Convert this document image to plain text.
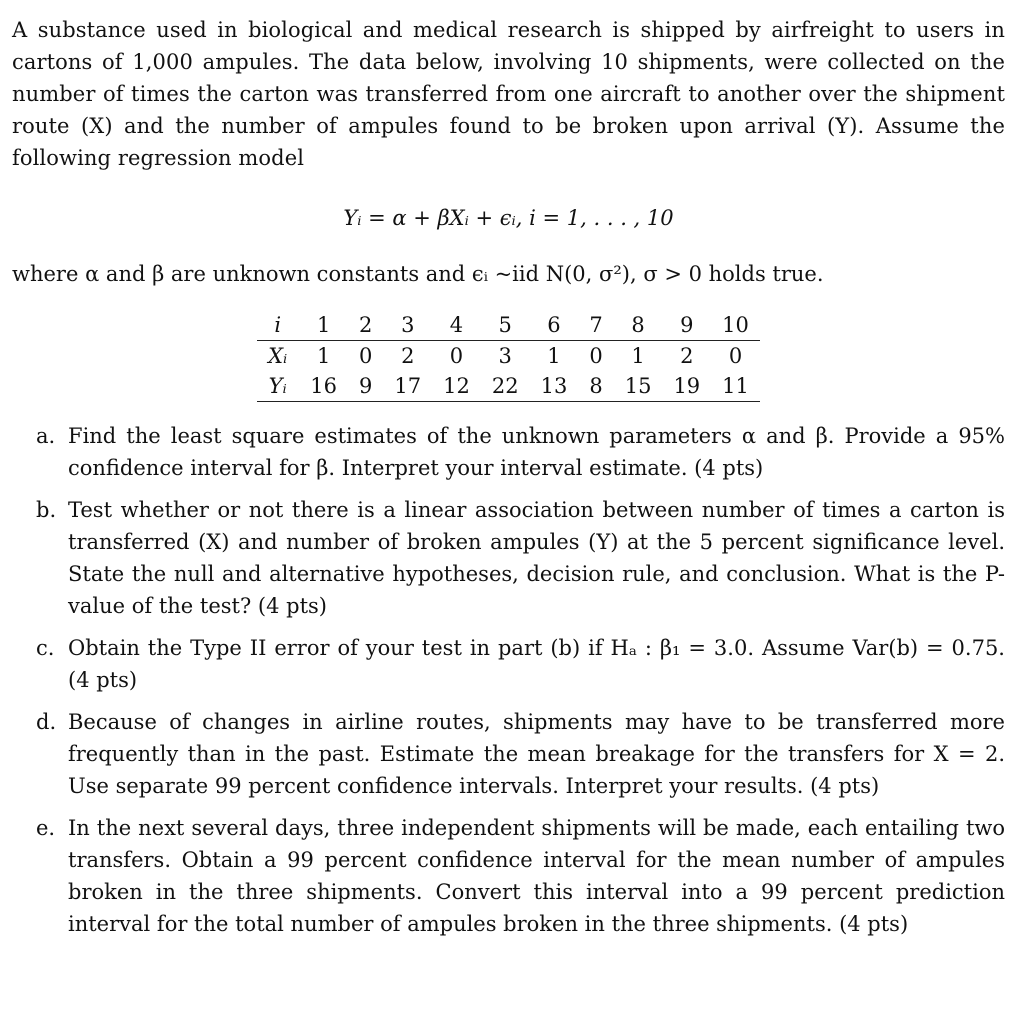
A substance used in biological and medical research is shipped by airfreight to users in cartons of 1,000 ampules. The data below, involving 10 shipments, were collected on the number of times the carton was transferred from one aircraft to another over the shipment route (X) and the number of ampules found to be broken upon arrival (Y). Assume the following regression model

Yᵢ = α + βXᵢ + ϵᵢ, i = 1, . . . , 10

where α and β are unknown constants and ϵᵢ ~iid N(0, σ²), σ > 0 holds true.

i	1	2	3	4	5	6	7	8	9	10
Xᵢ	1	0	2	0	3	1	0	1	2	0
Yᵢ	16	9	17	12	22	13	8	15	19	11
a. Find the least square estimates of the unknown parameters α and β. Provide a 95% confidence interval for β. Interpret your interval estimate. (4 pts)
b. Test whether or not there is a linear association between number of times a carton is transferred (X) and number of broken ampules (Y) at the 5 percent significance level. State the null and alternative hypotheses, decision rule, and conclusion. What is the P-value of the test? (4 pts)
c. Obtain the Type II error of your test in part (b) if Hₐ : β₁ = 3.0. Assume Var(b) = 0.75. (4 pts)
d. Because of changes in airline routes, shipments may have to be transferred more frequently than in the past. Estimate the mean breakage for the transfers for X = 2. Use separate 99 percent confidence intervals. Interpret your results. (4 pts)
e. In the next several days, three independent shipments will be made, each entailing two transfers. Obtain a 99 percent confidence interval for the mean number of ampules broken in the three shipments. Convert this interval into a 99 percent prediction interval for the total number of ampules broken in the three shipments. (4 pts)
